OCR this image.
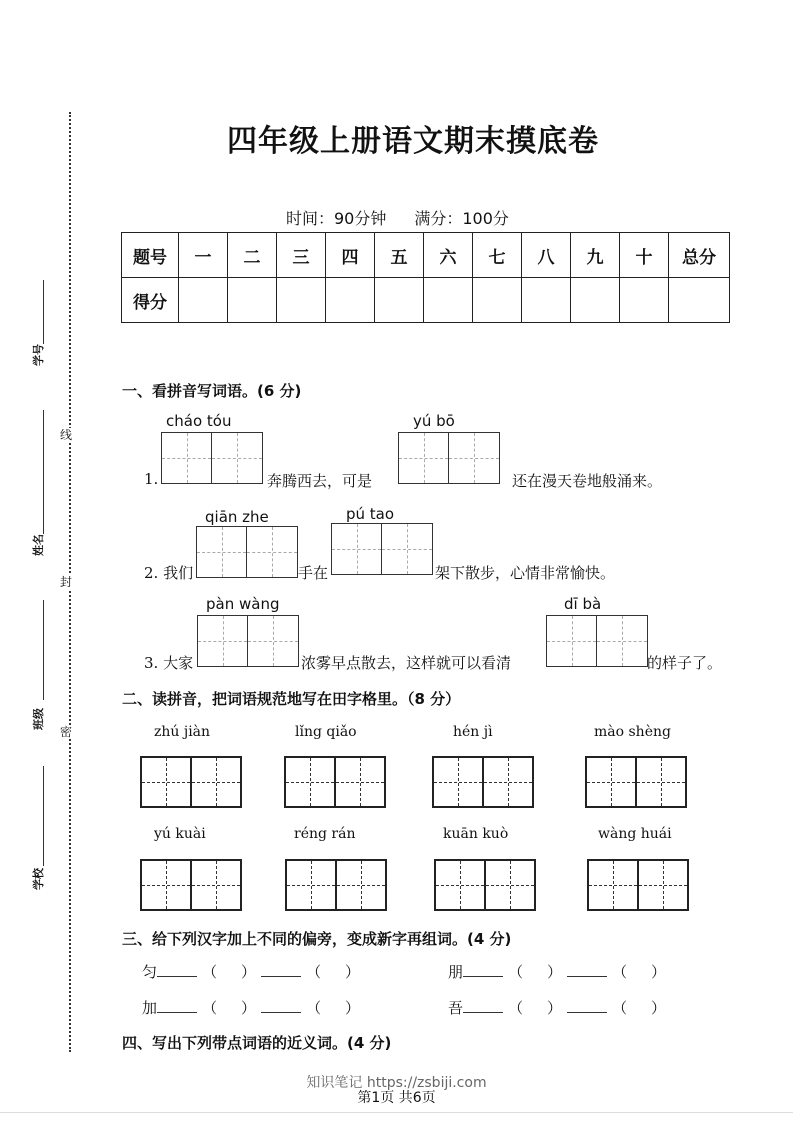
线
封
密
学号
姓名
班级
学校
四年级上册语文期末摸底卷
时间：90分钟 满分：100分
题号	一	二	三	四	五	六	七	八	九	十	总分
得分											
一、看拼音写词语。(6 分)
cháo tóu	yú bō
1.	奔腾西去，可是	还在漫天卷地般涌来。
qiān zhe	pú tao
2. 我们	手在	架下散步，心情非常愉快。
pàn wàng	dī bà
3. 大家	浓雾早点散去，这样就可以看清	的样子了。
二、读拼音，把词语规范地写在田字格里。（8 分）
zhú jiàn	lǐng qiǎo	hén jì	mào shèng
yú kuài	réng rán	kuān kuò	wàng huái
三、给下列汉字加上不同的偏旁，变成新字再组词。(4 分)
匀	（ ）	（ ）	朋	（ ）	（ ）
加	（ ）	（ ）	吾	（ ）	（ ）
四、写出下列带点词语的近义词。(4 分)
知识笔记 https://zsbiji.com
第1页 共6页
